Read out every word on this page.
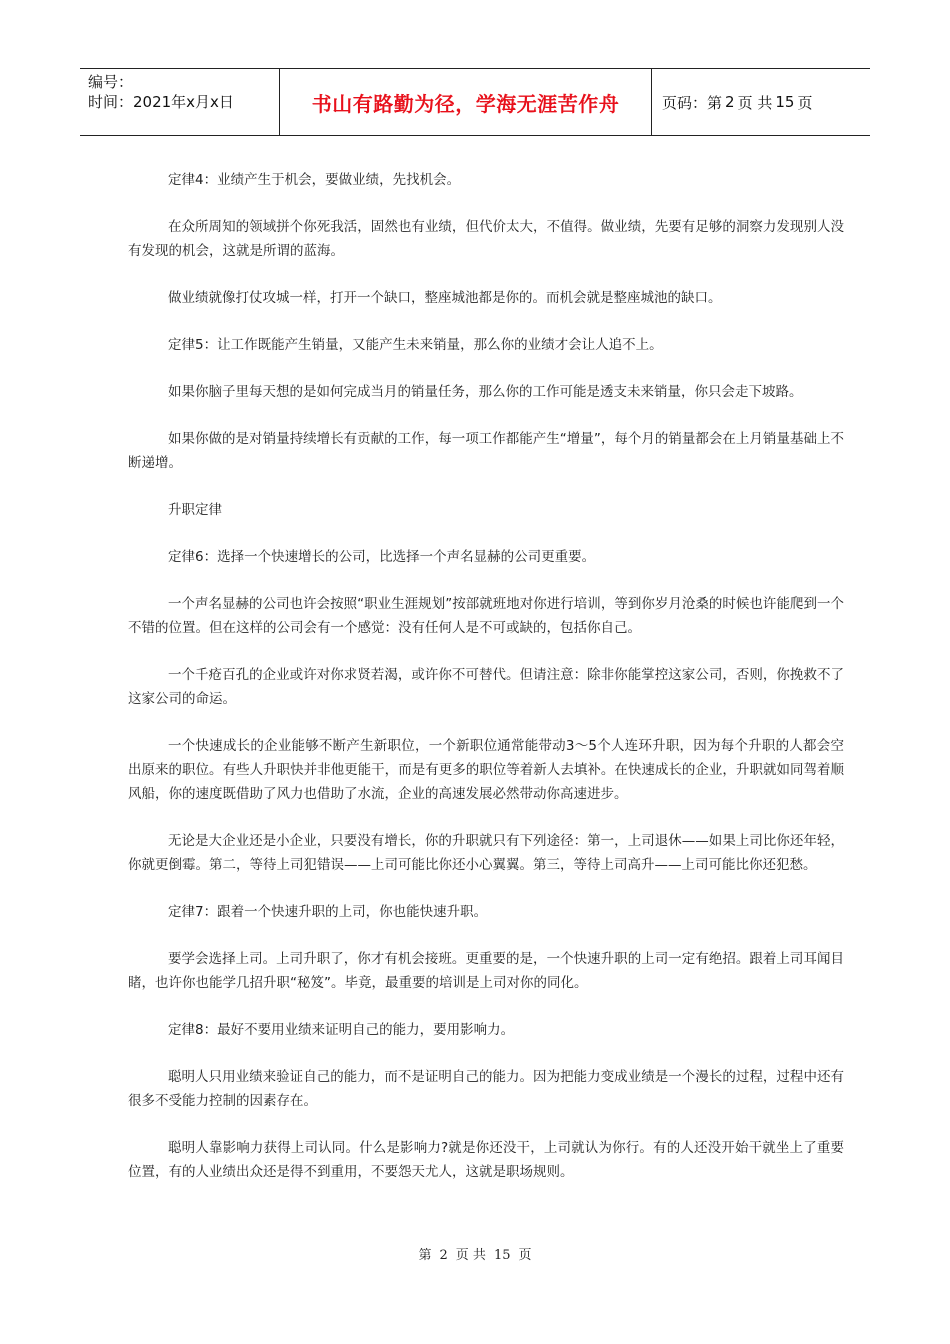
编号：
时间：2021年x月x日	书山有路勤为径，学海无涯苦作舟	页码：第 2 页 共 15 页

定律4：业绩产生于机会，要做业绩，先找机会。

在众所周知的领域拼个你死我活，固然也有业绩，但代价太大，不值得。做业绩，先要有足够的洞察力发现别人没有发现的机会，这就是所谓的蓝海。

做业绩就像打仗攻城一样，打开一个缺口，整座城池都是你的。而机会就是整座城池的缺口。

定律5：让工作既能产生销量，又能产生未来销量，那么你的业绩才会让人追不上。

如果你脑子里每天想的是如何完成当月的销量任务，那么你的工作可能是透支未来销量，你只会走下坡路。

如果你做的是对销量持续增长有贡献的工作，每一项工作都能产生“增量”，每个月的销量都会在上月销量基础上不断递增。

升职定律

定律6：选择一个快速增长的公司，比选择一个声名显赫的公司更重要。

一个声名显赫的公司也许会按照“职业生涯规划”按部就班地对你进行培训，等到你岁月沧桑的时候也许能爬到一个不错的位置。但在这样的公司会有一个感觉：没有任何人是不可或缺的，包括你自己。

一个千疮百孔的企业或许对你求贤若渴，或许你不可替代。但请注意：除非你能掌控这家公司，否则，你挽救不了这家公司的命运。

一个快速成长的企业能够不断产生新职位，一个新职位通常能带动3～5个人连环升职，因为每个升职的人都会空出原来的职位。有些人升职快并非他更能干，而是有更多的职位等着新人去填补。在快速成长的企业，升职就如同驾着顺风船，你的速度既借助了风力也借助了水流，企业的高速发展必然带动你高速进步。

无论是大企业还是小企业，只要没有增长，你的升职就只有下列途径：第一，上司退休——如果上司比你还年轻，你就更倒霉。第二，等待上司犯错误——上司可能比你还小心翼翼。第三，等待上司高升——上司可能比你还犯愁。

定律7：跟着一个快速升职的上司，你也能快速升职。

要学会选择上司。上司升职了，你才有机会接班。更重要的是，一个快速升职的上司一定有绝招。跟着上司耳闻目睹，也许你也能学几招升职“秘笈”。毕竟，最重要的培训是上司对你的同化。

定律8：最好不要用业绩来证明自己的能力，要用影响力。

聪明人只用业绩来验证自己的能力，而不是证明自己的能力。因为把能力变成业绩是一个漫长的过程，过程中还有很多不受能力控制的因素存在。

聪明人靠影响力获得上司认同。什么是影响力?就是你还没干，上司就认为你行。有的人还没开始干就坐上了重要位置，有的人业绩出众还是得不到重用，不要怨天尤人，这就是职场规则。

第 2 页 共 15 页
